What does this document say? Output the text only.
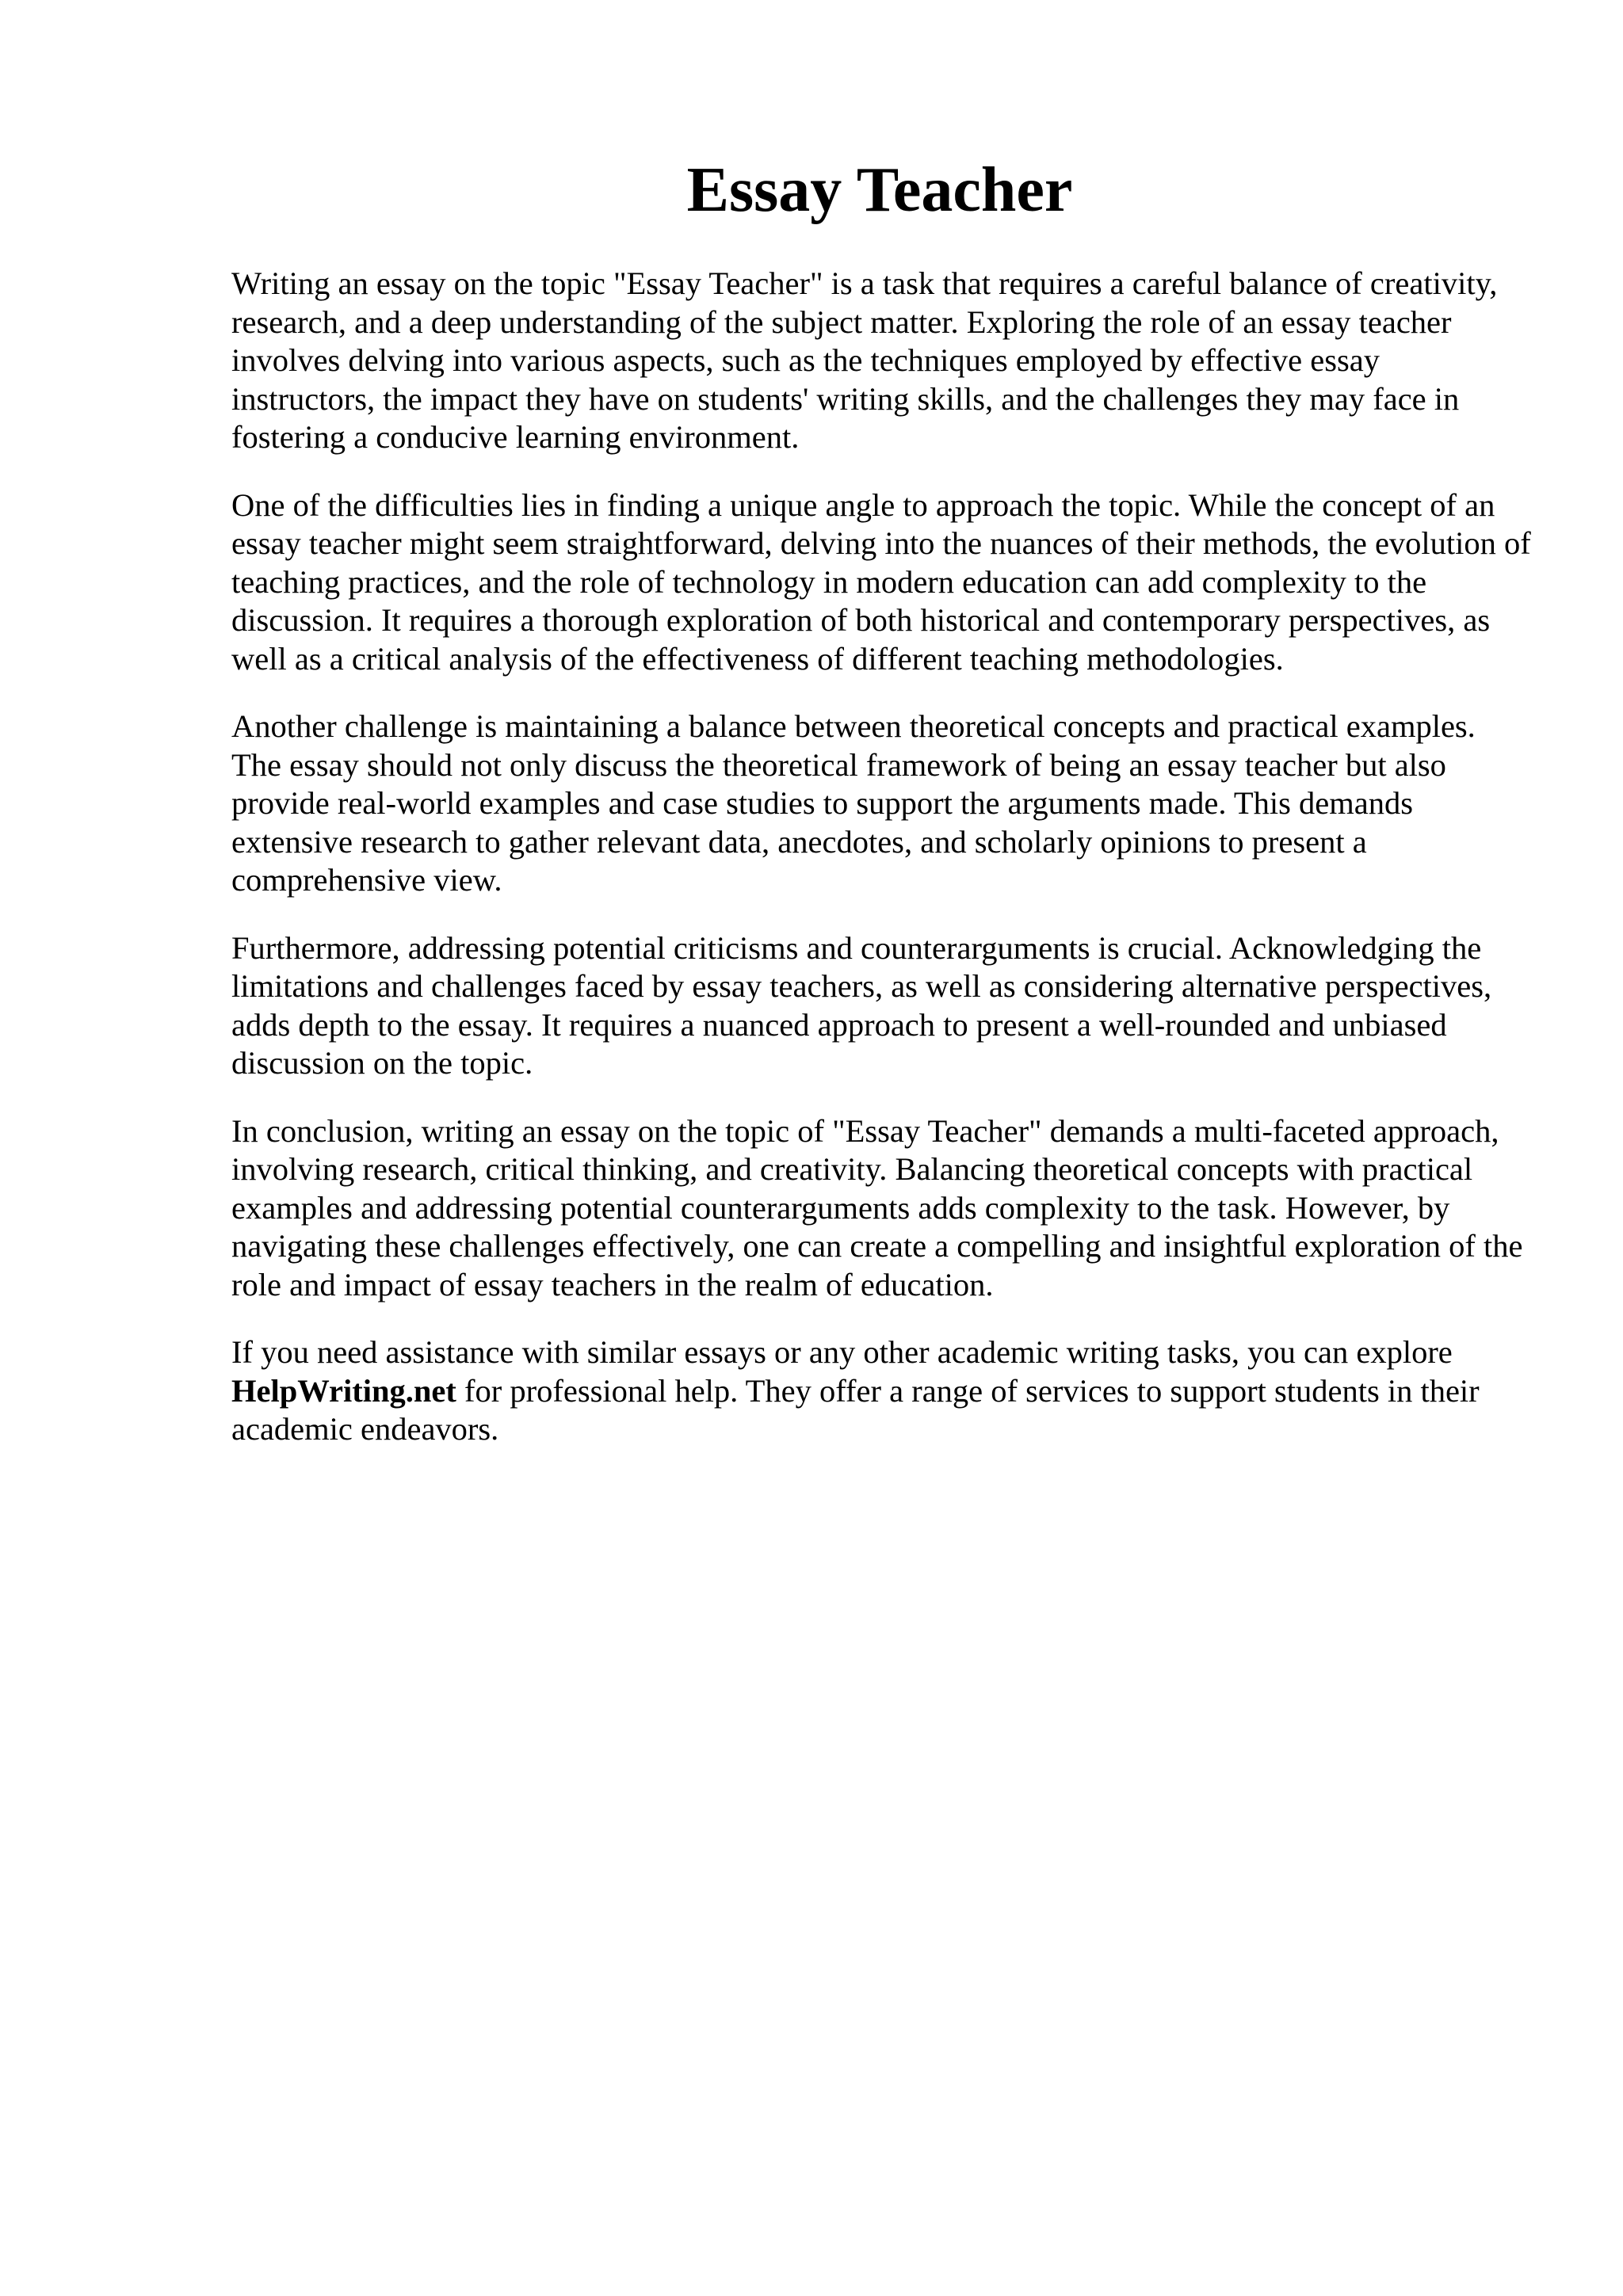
Essay Teacher

Writing an essay on the topic "Essay Teacher" is a task that requires a careful balance of creativity, research, and a deep understanding of the subject matter. Exploring the role of an essay teacher involves delving into various aspects, such as the techniques employed by effective essay instructors, the impact they have on students' writing skills, and the challenges they may face in fostering a conducive learning environment.

One of the difficulties lies in finding a unique angle to approach the topic. While the concept of an essay teacher might seem straightforward, delving into the nuances of their methods, the evolution of teaching practices, and the role of technology in modern education can add complexity to the discussion. It requires a thorough exploration of both historical and contemporary perspectives, as well as a critical analysis of the effectiveness of different teaching methodologies.

Another challenge is maintaining a balance between theoretical concepts and practical examples. The essay should not only discuss the theoretical framework of being an essay teacher but also provide real-world examples and case studies to support the arguments made. This demands extensive research to gather relevant data, anecdotes, and scholarly opinions to present a comprehensive view.

Furthermore, addressing potential criticisms and counterarguments is crucial. Acknowledging the limitations and challenges faced by essay teachers, as well as considering alternative perspectives, adds depth to the essay. It requires a nuanced approach to present a well-rounded and unbiased discussion on the topic.

In conclusion, writing an essay on the topic of "Essay Teacher" demands a multi-faceted approach, involving research, critical thinking, and creativity. Balancing theoretical concepts with practical examples and addressing potential counterarguments adds complexity to the task. However, by navigating these challenges effectively, one can create a compelling and insightful exploration of the role and impact of essay teachers in the realm of education.

If you need assistance with similar essays or any other academic writing tasks, you can explore HelpWriting.net for professional help. They offer a range of services to support students in their academic endeavors.
